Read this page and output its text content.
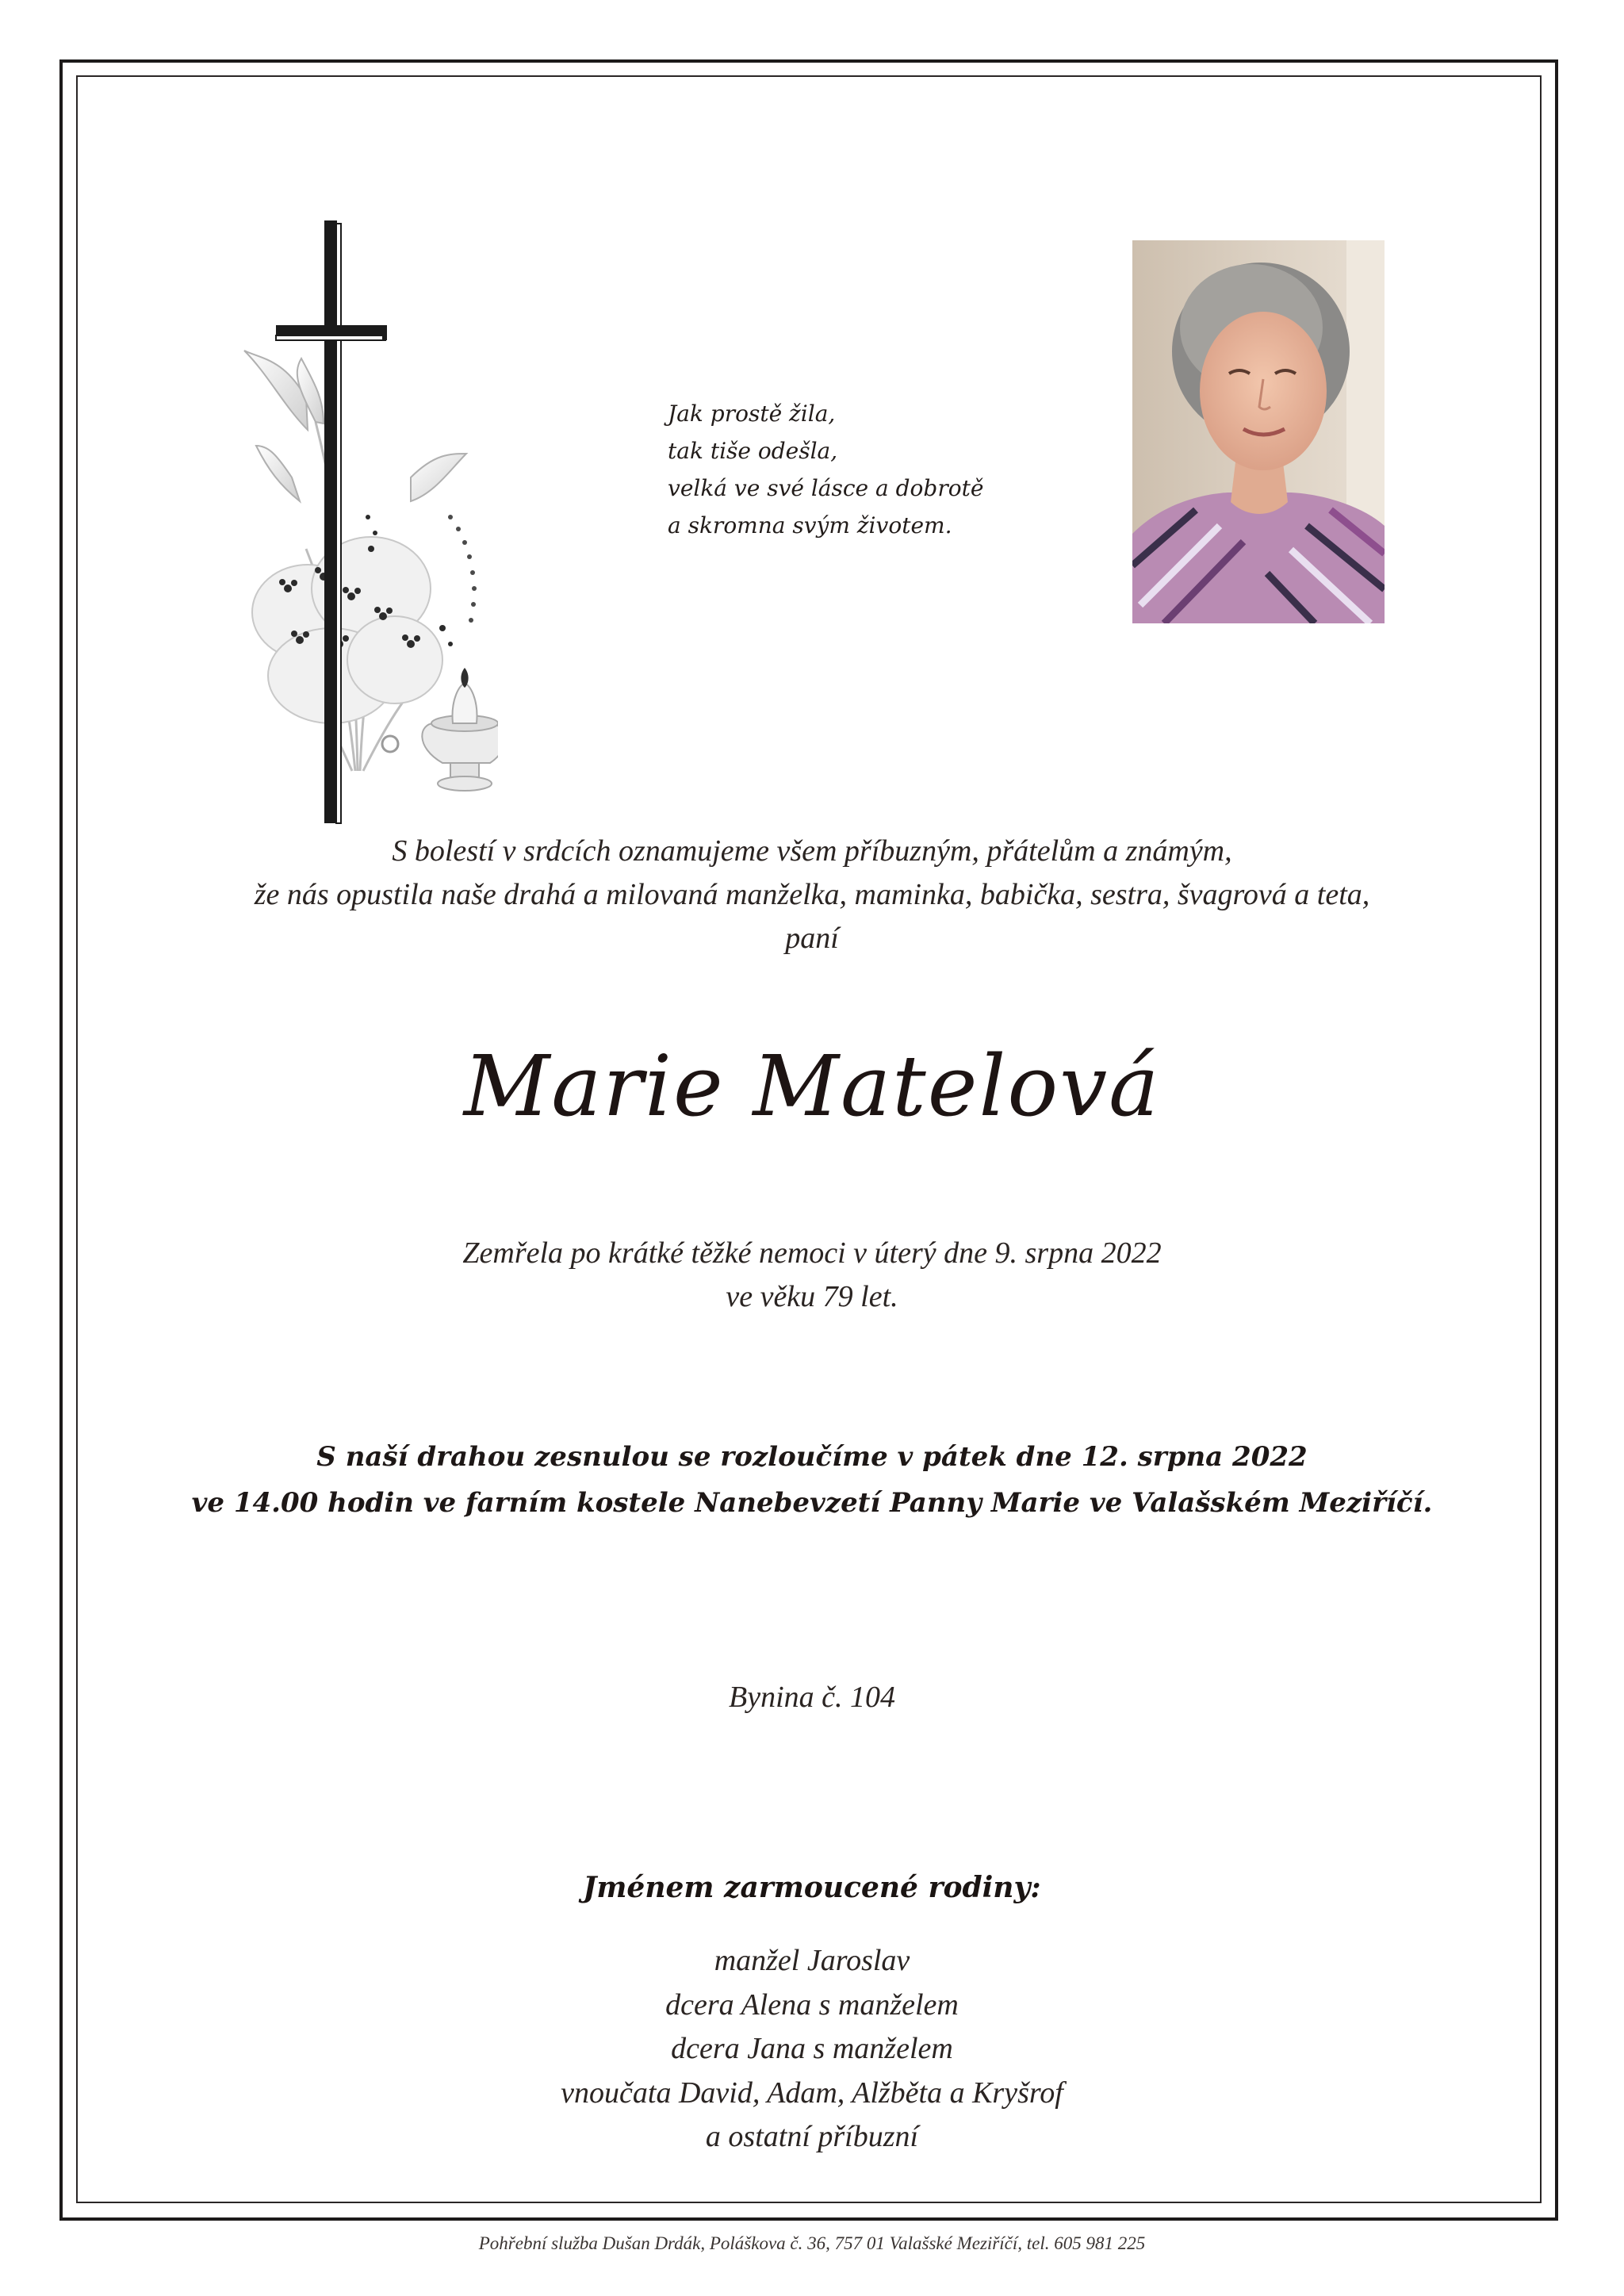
Jak prostě žila,
tak tiše odešla,
velká ve své lásce a dobrotě
a skromna svým životem.
S bolestí v srdcích oznamujeme všem příbuzným, přátelům a známým,
že nás opustila naše drahá a milovaná manželka, maminka, babička, sestra, švagrová a teta,
paní
Marie Matelová
Zemřela po krátké těžké nemoci v úterý dne 9. srpna 2022
ve věku 79 let.
S naší drahou zesnulou se rozloučíme v pátek dne 12. srpna 2022
ve 14.00 hodin ve farním kostele Nanebevzetí Panny Marie ve Valašském Meziříčí.
Bynina č. 104
Jménem zarmoucené rodiny:
manžel Jaroslav
dcera Alena s manželem
dcera Jana s manželem
vnoučata David, Adam, Alžběta a Kryšrof
a ostatní příbuzní
Pohřební služba Dušan Drdák, Poláškova č. 36, 757 01 Valašské Meziříčí, tel. 605 981 225
